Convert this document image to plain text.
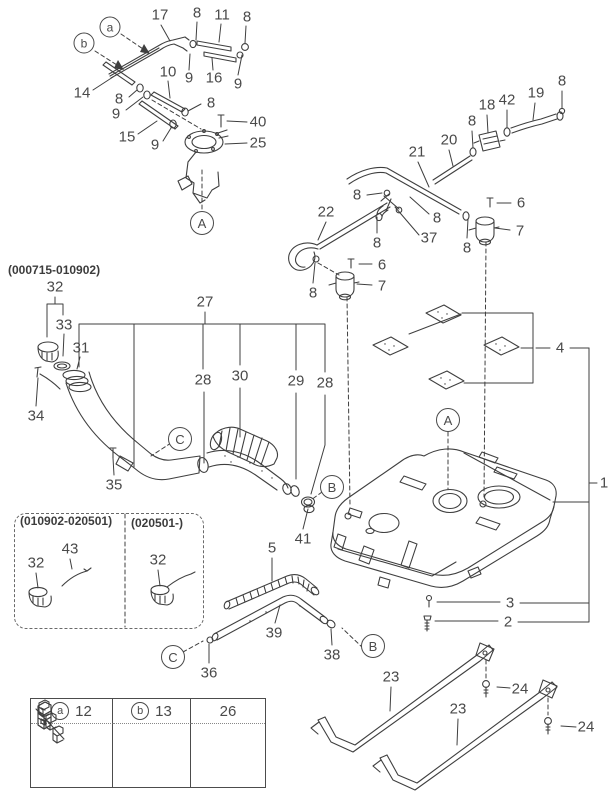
17 8 11 8
14
10 9 16 9
8
9
15 9
8
40
25
8
19
42
18
8
20
21
22
8
8
37
8	8
6
7
6
7
8
32
33
31
34
27
28 30	29 28
35
4
1
41
3
2
32
43
32
5
39
36
38
23
24
23
24
a
b
A
A
B
B
C
C
(000715-010902)
(010902-020501) (020501-)
a 12	b 13	26
